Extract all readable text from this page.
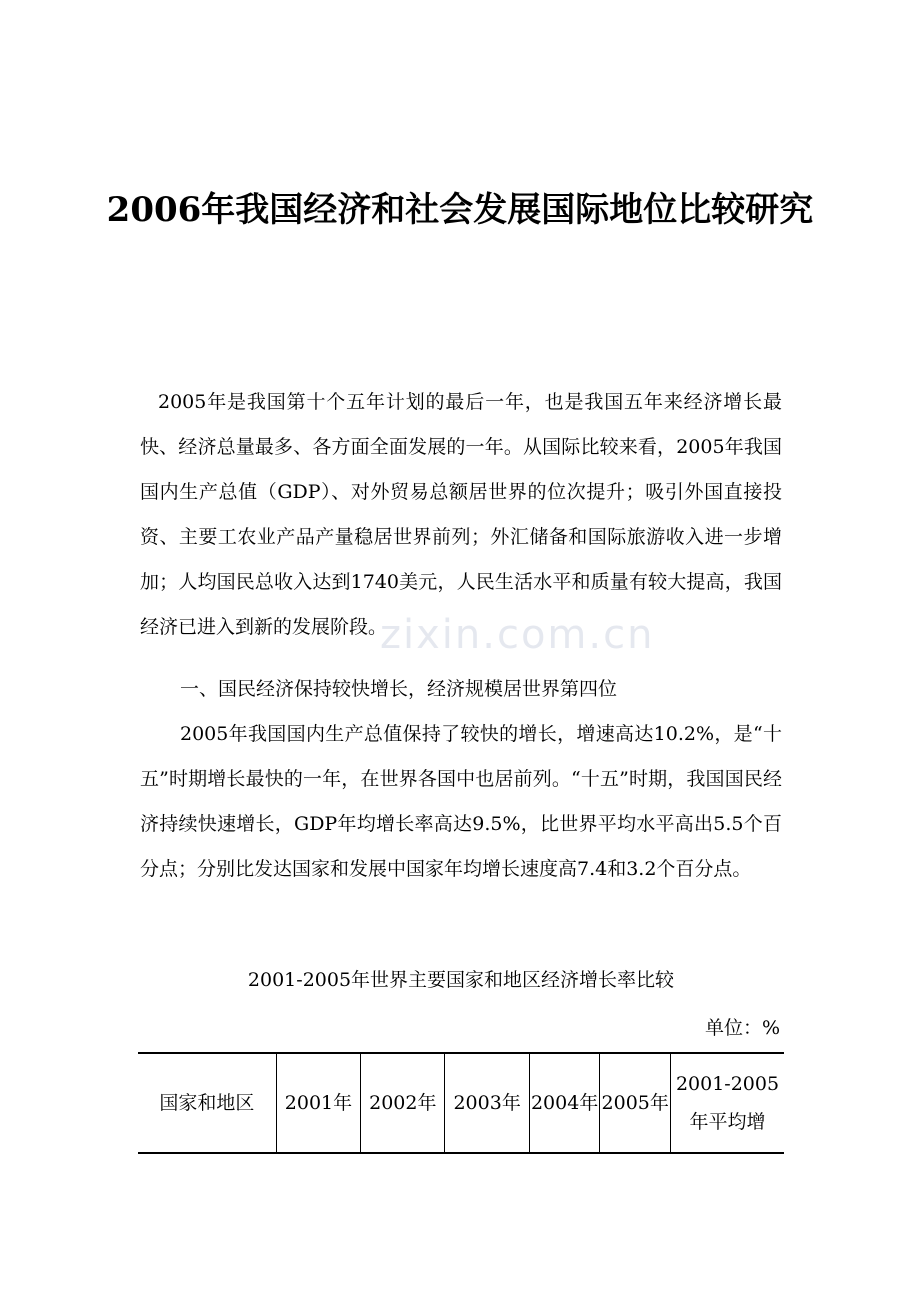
2006年我国经济和社会发展国际地位比较研究

2005年是我国第十个五年计划的最后一年，也是我国五年来经济增长最快、经济总量最多、各方面全面发展的一年。从国际比较来看，2005年我国国内生产总值（GDP）、对外贸易总额居世界的位次提升；吸引外国直接投资、主要工农业产品产量稳居世界前列；外汇储备和国际旅游收入进一步增加；人均国民总收入达到1740美元，人民生活水平和质量有较大提高，我国经济已进入到新的发展阶段。

一、国民经济保持较快增长，经济规模居世界第四位

2005年我国国内生产总值保持了较快的增长，增速高达10.2%，是“十五”时期增长最快的一年，在世界各国中也居前列。“十五”时期，我国国民经济持续快速增长，GDP年均增长率高达9.5%，比世界平均水平高出5.5个百分点；分别比发达国家和发展中国家年均增长速度高7.4和3.2个百分点。

zixin.com.cn

2001-2005年世界主要国家和地区经济增长率比较

单位：%

国家和地区	2001年	2002年	2003年	2004年	2005年	2001-2005年平均增
